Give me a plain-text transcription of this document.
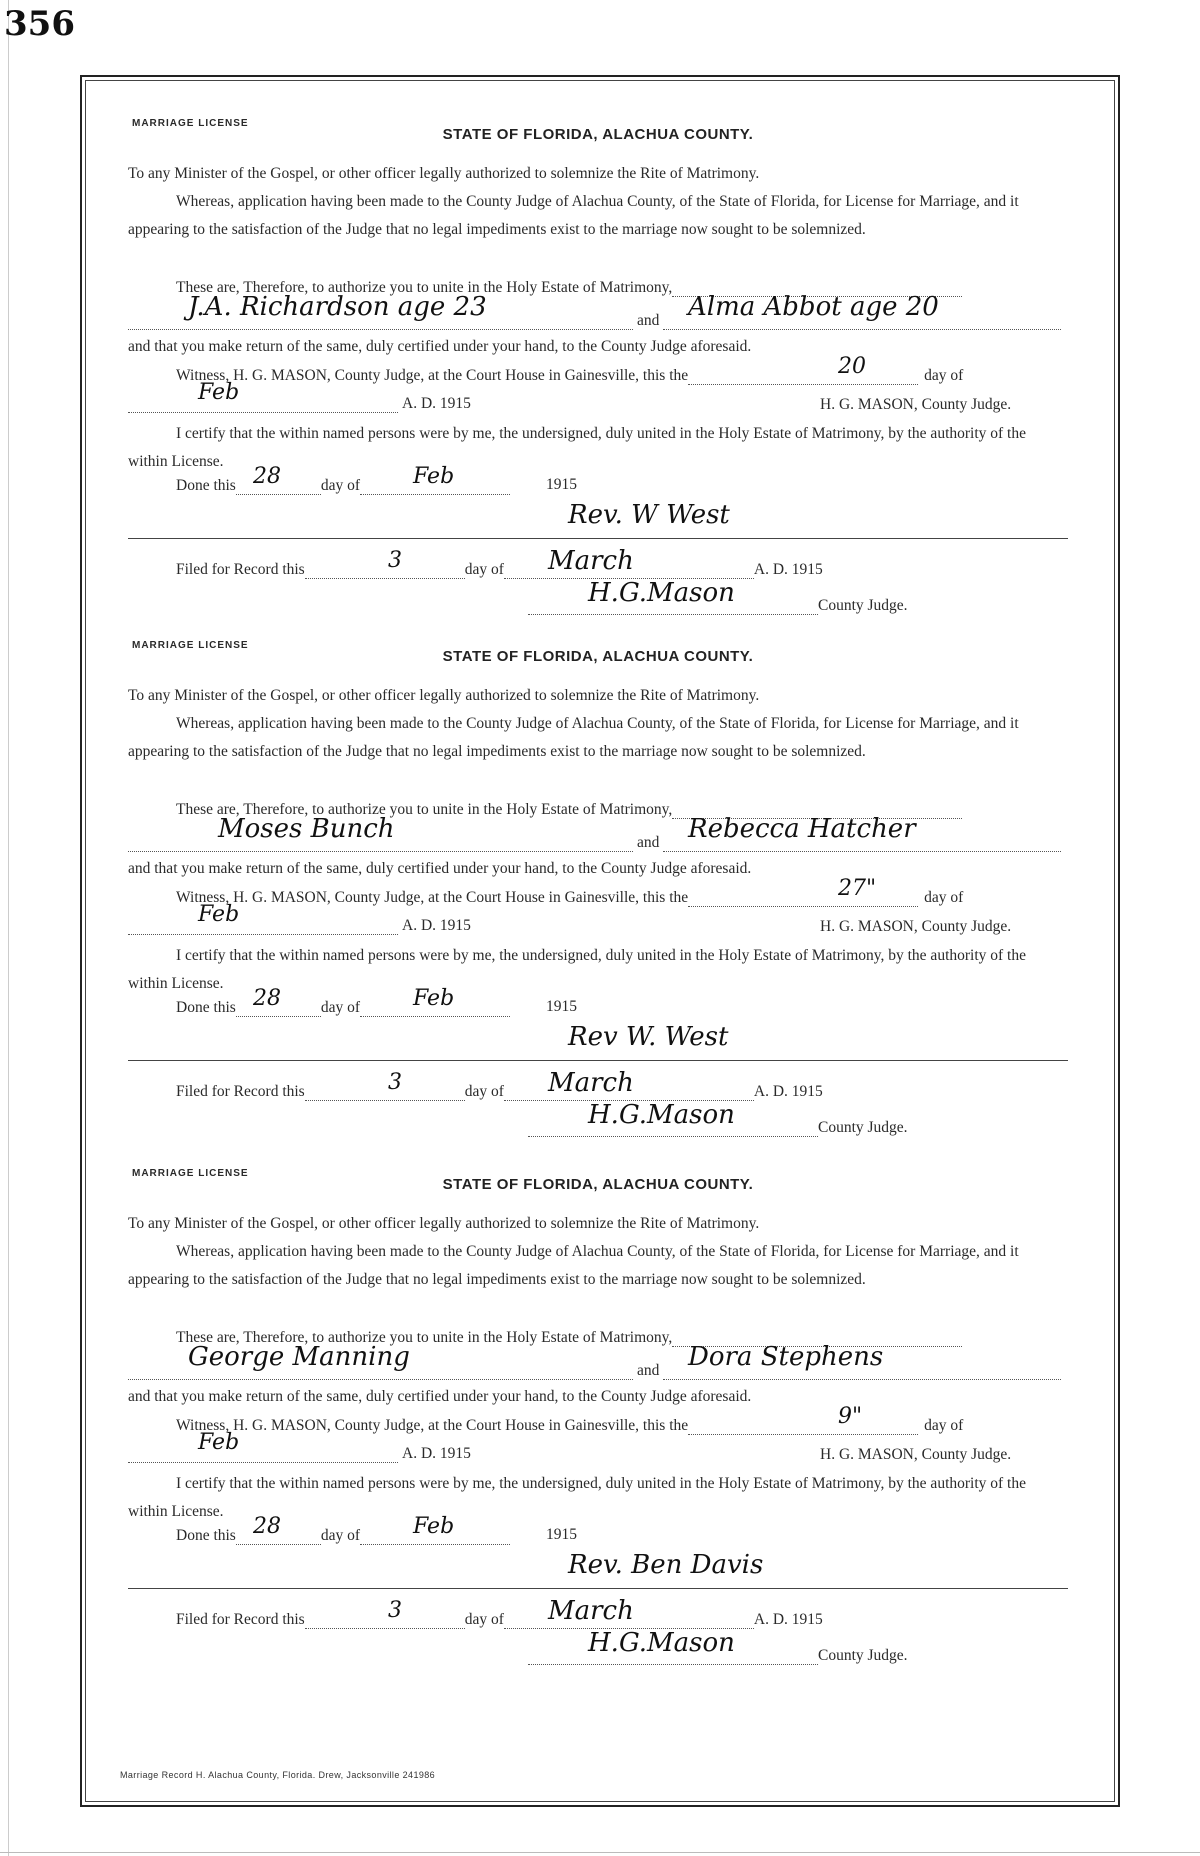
356
MARRIAGE LICENSE
STATE OF FLORIDA, ALACHUA COUNTY.

To any Minister of the Gospel, or other officer legally authorized to solemnize the Rite of Matrimony.

Whereas, application having been made to the County Judge of Alachua County, of the State of Florida, for License for Marriage, and it appearing to the satisfaction of the Judge that no legal impediments exist to the marriage now sought to be solemnized.

These are, Therefore, to authorize you to unite in the Holy Estate of Matrimony,
and
J.A. Richardson age 23	Alma Abbot age 20
and that you make return of the same, duly certified under your hand, to the County Judge aforesaid.
Witness, H. G. MASON, County Judge, at the Court House in Gainesville, this the	day of
20
A. D. 1915
Feb	H. G. MASON, County Judge.

I certify that the within named persons were by me, the undersigned, duly united in the Holy Estate of Matrimony, by the authority of the within License.

Done this	day of
28	Feb	1915
Rev. W West
Filed for Record this	day of	A. D. 1915
3	March
County Judge.
H.G.Mason
MARRIAGE LICENSE
STATE OF FLORIDA, ALACHUA COUNTY.

To any Minister of the Gospel, or other officer legally authorized to solemnize the Rite of Matrimony.

Whereas, application having been made to the County Judge of Alachua County, of the State of Florida, for License for Marriage, and it appearing to the satisfaction of the Judge that no legal impediments exist to the marriage now sought to be solemnized.

These are, Therefore, to authorize you to unite in the Holy Estate of Matrimony,
and
Moses Bunch	Rebecca Hatcher
and that you make return of the same, duly certified under your hand, to the County Judge aforesaid.
Witness, H. G. MASON, County Judge, at the Court House in Gainesville, this the	day of
27"
A. D. 1915
Feb	H. G. MASON, County Judge.

I certify that the within named persons were by me, the undersigned, duly united in the Holy Estate of Matrimony, by the authority of the within License.

Done this	day of
28	Feb	1915
Rev W. West
Filed for Record this	day of	A. D. 1915
3	March
County Judge.
H.G.Mason
MARRIAGE LICENSE
STATE OF FLORIDA, ALACHUA COUNTY.

To any Minister of the Gospel, or other officer legally authorized to solemnize the Rite of Matrimony.

Whereas, application having been made to the County Judge of Alachua County, of the State of Florida, for License for Marriage, and it appearing to the satisfaction of the Judge that no legal impediments exist to the marriage now sought to be solemnized.

These are, Therefore, to authorize you to unite in the Holy Estate of Matrimony,
and
George Manning	Dora Stephens
and that you make return of the same, duly certified under your hand, to the County Judge aforesaid.
Witness, H. G. MASON, County Judge, at the Court House in Gainesville, this the	day of
9"
A. D. 1915
Feb	H. G. MASON, County Judge.

I certify that the within named persons were by me, the undersigned, duly united in the Holy Estate of Matrimony, by the authority of the within License.

Done this	day of
28	Feb	1915
Rev. Ben Davis
Filed for Record this	day of	A. D. 1915
3	March
County Judge.
H.G.Mason
Marriage Record H. Alachua County, Florida. Drew, Jacksonville 241986
